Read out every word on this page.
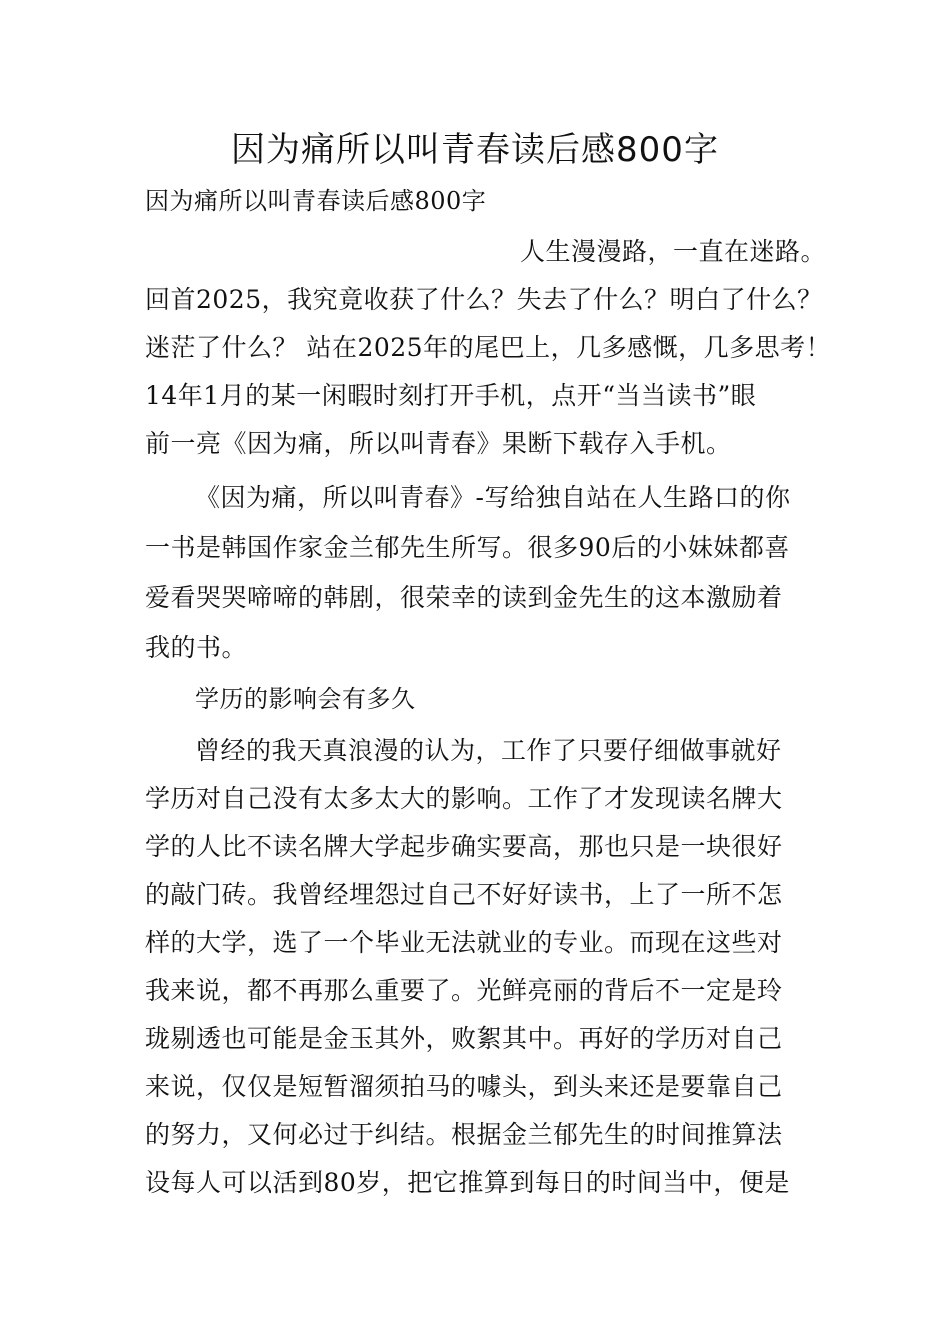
因为痛所以叫青春读后感800字
因为痛所以叫青春读后感800字
人生漫漫路，一直在迷路。
回首2025，我究竟收获了什么？失去了什么？明白了什么？
迷茫了什么？ 站在2025年的尾巴上，几多感慨，几多思考！
14年1月的某一闲暇时刻打开手机，点开“当当读书”眼
前一亮《因为痛，所以叫青春》果断下载存入手机。
《因为痛，所以叫青春》-写给独自站在人生路口的你
一书是韩国作家金兰郁先生所写。很多90后的小妹妹都喜
爱看哭哭啼啼的韩剧，很荣幸的读到金先生的这本激励着
我的书。
学历的影响会有多久
曾经的我天真浪漫的认为，工作了只要仔细做事就好
学历对自己没有太多太大的影响。工作了才发现读名牌大
学的人比不读名牌大学起步确实要高，那也只是一块很好
的敲门砖。我曾经埋怨过自己不好好读书，上了一所不怎
样的大学，选了一个毕业无法就业的专业。而现在这些对
我来说，都不再那么重要了。光鲜亮丽的背后不一定是玲
珑剔透也可能是金玉其外，败絮其中。再好的学历对自己
来说，仅仅是短暂溜须拍马的噱头，到头来还是要靠自己
的努力，又何必过于纠结。根据金兰郁先生的时间推算法
设每人可以活到80岁，把它推算到每日的时间当中，便是
